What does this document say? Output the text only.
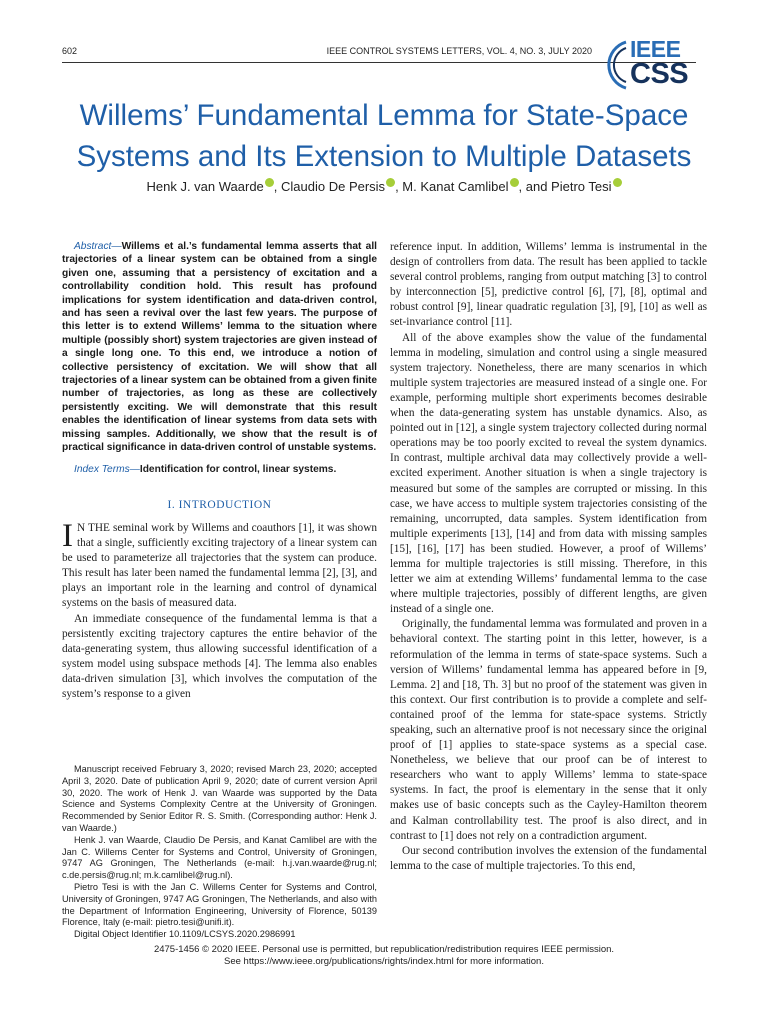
602	IEEE CONTROL SYSTEMS LETTERS, VOL. 4, NO. 3, JULY 2020 IEEE
CSS
Willems’ Fundamental Lemma for State-Space Systems and Its Extension to Multiple Datasets
Henk J. van Waarde , Claudio De Persis , M. Kanat Camlibel , and Pietro Tesi

Abstract—Willems et al.’s fundamental lemma asserts that all trajectories of a linear system can be obtained from a single given one, assuming that a persistency of excitation and a controllability condition hold. This result has profound implications for system identification and data-driven control, and has seen a revival over the last few years. The purpose of this letter is to extend Willems’ lemma to the situation where multiple (possibly short) system trajectories are given instead of a single long one. To this end, we introduce a notion of collective persistency of excitation. We will show that all trajectories of a linear system can be obtained from a given finite number of trajectories, as long as these are collectively persistently exciting. We will demonstrate that this result enables the identification of linear systems from data sets with missing samples. Additionally, we show that the result is of practical significance in data-driven control of unstable systems.

Index Terms—Identification for control, linear systems.

I. INTRODUCTION

I N THE seminal work by Willems and coauthors [1], it was shown that a single, sufficiently exciting trajectory of a linear system can be used to parameterize all trajectories that the system can produce. This result has later been named the fundamental lemma [2], [3], and plays an important role in the learning and control of dynamical systems on the basis of measured data.

An immediate consequence of the fundamental lemma is that a persistently exciting trajectory captures the entire behavior of the data-generating system, thus allowing successful identification of a system model using subspace methods [4]. The lemma also enables data-driven simulation [3], which involves the computation of the system’s response to a given

Manuscript received February 3, 2020; revised March 23, 2020; accepted April 3, 2020. Date of publication April 9, 2020; date of current version April 30, 2020. The work of Henk J. van Waarde was supported by the Data Science and Systems Complexity Centre at the University of Groningen. Recommended by Senior Editor R. S. Smith. (Corresponding author: Henk J. van Waarde.)

Henk J. van Waarde, Claudio De Persis, and Kanat Camlibel are with the Jan C. Willems Center for Systems and Control, University of Groningen, 9747 AG Groningen, The Netherlands (e-mail: h.j.van.waarde@rug.nl; c.de.persis@rug.nl; m.k.camlibel@rug.nl).

Pietro Tesi is with the Jan C. Willems Center for Systems and Control, University of Groningen, 9747 AG Groningen, The Netherlands, and also with the Department of Information Engineering, University of Florence, 50139 Florence, Italy (e-mail: pietro.tesi@unifi.it).

Digital Object Identifier 10.1109/LCSYS.2020.2986991

reference input. In addition, Willems’ lemma is instrumental in the design of controllers from data. The result has been applied to tackle several control problems, ranging from output matching [3] to control by interconnection [5], predictive control [6], [7], [8], optimal and robust control [9], linear quadratic regulation [3], [9], [10] as well as set-invariance control [11].

All of the above examples show the value of the fundamental lemma in modeling, simulation and control using a single measured system trajectory. Nonetheless, there are many scenarios in which multiple system trajectories are measured instead of a single one. For example, performing multiple short experiments becomes desirable when the data-generating system has unstable dynamics. Also, as pointed out in [12], a single system trajectory collected during normal operations may be too poorly excited to reveal the system dynamics. In contrast, multiple archival data may collectively provide a well-excited experiment. Another situation is when a single trajectory is measured but some of the samples are corrupted or missing. In this case, we have access to multiple system trajectories consisting of the remaining, uncorrupted, data samples. System identification from multiple experiments [13], [14] and from data with missing samples [15], [16], [17] has been studied. However, a proof of Willems’ lemma for multiple trajectories is still missing. Therefore, in this letter we aim at extending Willems’ fundamental lemma to the case where multiple trajectories, possibly of different lengths, are given instead of a single one.

Originally, the fundamental lemma was formulated and proven in a behavioral context. The starting point in this letter, however, is a reformulation of the lemma in terms of state-space systems. Such a version of Willems’ fundamental lemma has appeared before in [9, Lemma. 2] and [18, Th. 3] but no proof of the statement was given in this context. Our first contribution is to provide a complete and self-contained proof of the lemma for state-space systems. Strictly speaking, such an alternative proof is not necessary since the original proof of [1] applies to state-space systems as a special case. Nonetheless, we believe that our proof can be of interest to researchers who want to apply Willems’ lemma to state-space systems. In fact, the proof is elementary in the sense that it only makes use of basic concepts such as the Cayley-Hamilton theorem and Kalman controllability test. The proof is also direct, and in contrast to [1] does not rely on a contradiction argument.

Our second contribution involves the extension of the fundamental lemma to the case of multiple trajectories. To this end,

2475-1456 © 2020 IEEE. Personal use is permitted, but republication/redistribution requires IEEE permission.
See https://www.ieee.org/publications/rights/index.html for more information.
